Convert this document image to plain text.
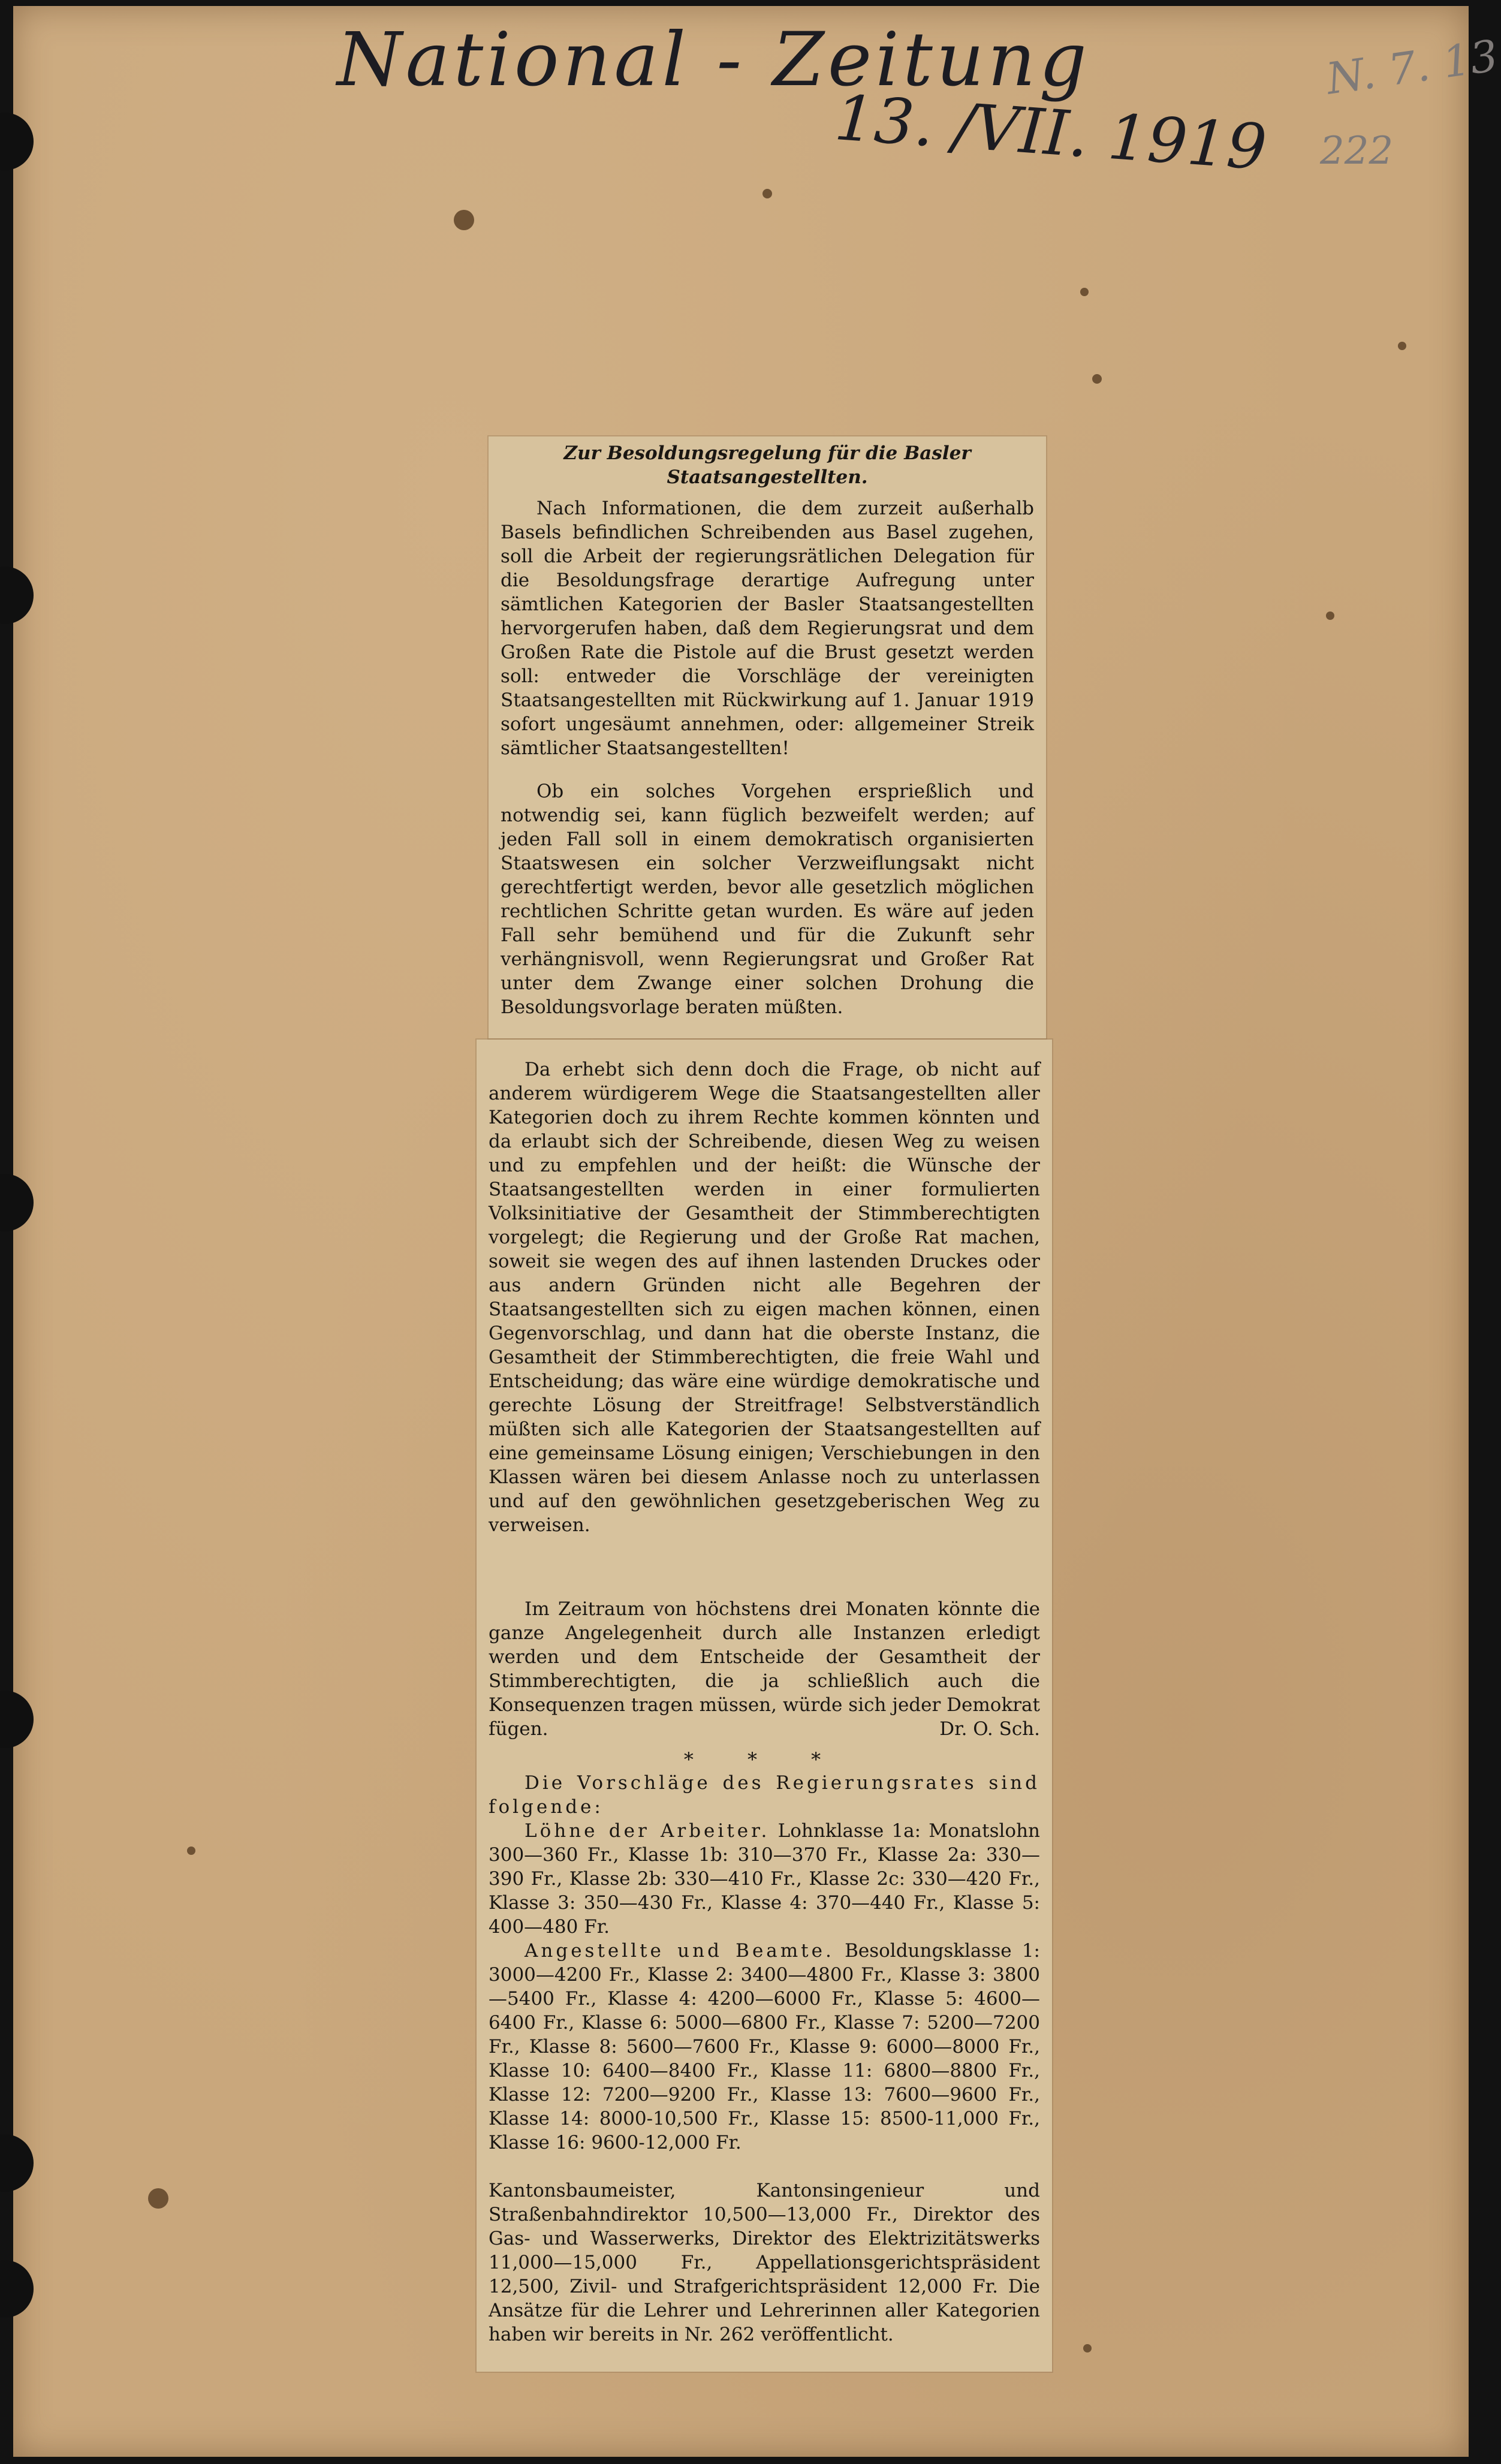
National - Zeitung
13. /VII. 1919
N. 7. 13
222
Zur Besoldungsregelung für die Basler Staatsangestellten.
Nach Informationen, die dem zurzeit außerhalb Basels befindlichen Schreibenden aus Basel zugehen, soll die Arbeit der regierungsrätlichen Delegation für die Besoldungsfrage derartige Aufregung unter sämtlichen Kategorien der Basler Staatsangestellten hervorgerufen haben, daß dem Regierungsrat und dem Großen Rate die Pistole auf die Brust gesetzt werden soll: entweder die Vorschläge der vereinigten Staatsangestellten mit Rückwirkung auf 1. Januar 1919 sofort ungesäumt annehmen, oder: allgemeiner Streik sämtlicher Staatsangestellten!
Ob ein solches Vorgehen ersprießlich und notwendig sei, kann füglich bezweifelt werden; auf jeden Fall soll in einem demokratisch organisierten Staatswesen ein solcher Verzweiflungsakt nicht gerechtfertigt werden, bevor alle gesetzlich möglichen rechtlichen Schritte getan wurden. Es wäre auf jeden Fall sehr bemühend und für die Zukunft sehr verhängnisvoll, wenn Regierungsrat und Großer Rat unter dem Zwange einer solchen Drohung die Besoldungsvorlage beraten müßten.
Da erhebt sich denn doch die Frage, ob nicht auf anderem würdigerem Wege die Staatsangestellten aller Kategorien doch zu ihrem Rechte kommen könnten und da erlaubt sich der Schreibende, diesen Weg zu weisen und zu empfehlen und der heißt: die Wünsche der Staatsangestellten werden in einer formulierten Volksinitiative der Gesamtheit der Stimmberechtigten vorgelegt; die Regierung und der Große Rat machen, soweit sie wegen des auf ihnen lastenden Druckes oder aus andern Gründen nicht alle Begehren der Staatsangestellten sich zu eigen machen können, einen Gegenvorschlag, und dann hat die oberste Instanz, die Gesamtheit der Stimmberechtigten, die freie Wahl und Entscheidung; das wäre eine würdige demokratische und gerechte Lösung der Streitfrage! Selbstverständlich müßten sich alle Kategorien der Staatsangestellten auf eine gemeinsame Lösung einigen; Verschiebungen in den Klassen wären bei diesem Anlasse noch zu unterlassen und auf den gewöhnlichen gesetzgeberischen Weg zu verweisen.
Im Zeitraum von höchstens drei Monaten könnte die ganze Angelegenheit durch alle Instanzen erledigt werden und dem Entscheide der Gesamtheit der Stimmberechtigten, die ja schließlich auch die Konsequenzen tragen müssen, würde sich jeder Demokrat fügen.	Dr. O. Sch.
* * *
Die Vorschläge des Regierungsrates sind folgende:
Löhne der Arbeiter. Lohnklasse 1a: Monatslohn 300—360 Fr., Klasse 1b: 310—370 Fr., Klasse 2a: 330—390 Fr., Klasse 2b: 330—410 Fr., Klasse 2c: 330—420 Fr., Klasse 3: 350—430 Fr., Klasse 4: 370—440 Fr., Klasse 5: 400—480 Fr.
Angestellte und Beamte. Besoldungsklasse 1: 3000—4200 Fr., Klasse 2: 3400—4800 Fr., Klasse 3: 3800—5400 Fr., Klasse 4: 4200—6000 Fr., Klasse 5: 4600—6400 Fr., Klasse 6: 5000—6800 Fr., Klasse 7: 5200—7200 Fr., Klasse 8: 5600—7600 Fr., Klasse 9: 6000—8000 Fr., Klasse 10: 6400—8400 Fr., Klasse 11: 6800—8800 Fr., Klasse 12: 7200—9200 Fr., Klasse 13: 7600—9600 Fr., Klasse 14: 8000-10,500 Fr., Klasse 15: 8500-11,000 Fr., Klasse 16: 9600-12,000 Fr.
Kantonsbaumeister, Kantonsingenieur und Straßenbahndirektor 10,500—13,000 Fr., Direktor des Gas- und Wasserwerks, Direktor des Elektrizitätswerks 11,000—15,000 Fr., Appellationsgerichtspräsident 12,500, Zivil- und Strafgerichtspräsident 12,000 Fr. Die Ansätze für die Lehrer und Lehrerinnen aller Kategorien haben wir bereits in Nr. 262 veröffentlicht.
